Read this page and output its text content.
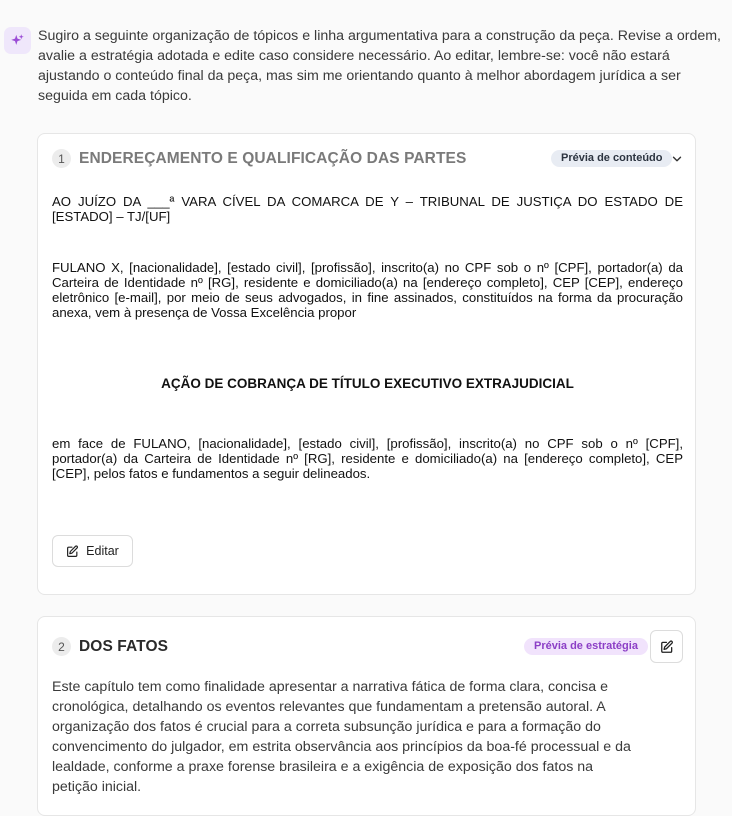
Sugiro a seguinte organização de tópicos e linha argumentativa para a construção da peça. Revise a ordem, avalie a estratégia adotada e edite caso considere necessário. Ao editar, lembre-se: você não estará ajustando o conteúdo final da peça, mas sim me orientando quanto à melhor abordagem jurídica a ser seguida em cada tópico.

1 ENDEREÇAMENTO E QUALIFICAÇÃO DAS PARTES	Prévia de conteúdo

AO JUÍZO DA ___ª VARA CÍVEL DA COMARCA DE Y – TRIBUNAL DE JUSTIÇA DO ESTADO DE [ESTADO] – TJ/[UF]

FULANO X, [nacionalidade], [estado civil], [profissão], inscrito(a) no CPF sob o nº [CPF], portador(a) da Carteira de Identidade nº [RG], residente e domiciliado(a) na [endereço completo], CEP [CEP], endereço eletrônico [e-mail], por meio de seus advogados, in fine assinados, constituídos na forma da procuração anexa, vem à presença de Vossa Excelência propor

AÇÃO DE COBRANÇA DE TÍTULO EXECUTIVO EXTRAJUDICIAL

em face de FULANO, [nacionalidade], [estado civil], [profissão], inscrito(a) no CPF sob o nº [CPF], portador(a) da Carteira de Identidade nº [RG], residente e domiciliado(a) na [endereço completo], CEP [CEP], pelos fatos e fundamentos a seguir delineados.

Editar
2 DOS FATOS	Prévia de estratégia

Este capítulo tem como finalidade apresentar a narrativa fática de forma clara, concisa e cronológica, detalhando os eventos relevantes que fundamentam a pretensão autoral. A organização dos fatos é crucial para a correta subsunção jurídica e para a formação do convencimento do julgador, em estrita observância aos princípios da boa-fé processual e da lealdade, conforme a praxe forense brasileira e a exigência de exposição dos fatos na petição inicial.
